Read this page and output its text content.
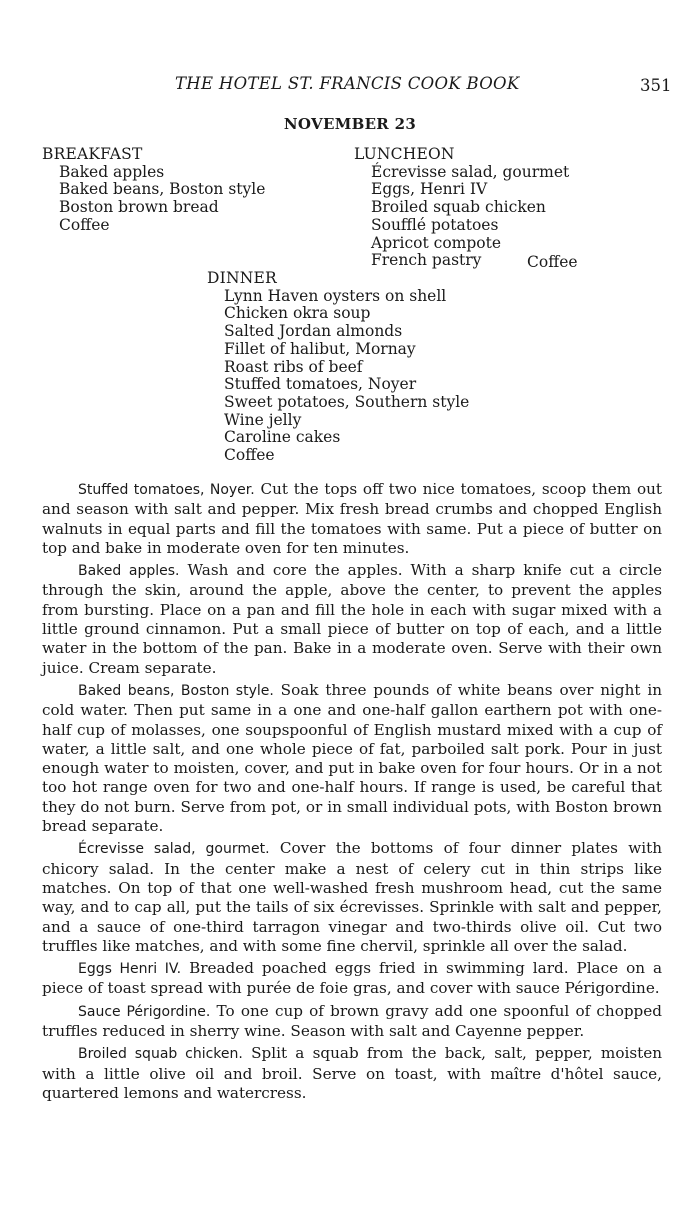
THE HOTEL ST. FRANCIS COOK BOOK	351
NOVEMBER 23
BREAKFAST
Baked apples
Baked beans, Boston style
Boston brown bread
Coffee
LUNCHEON
Écrevisse salad, gourmet
Eggs, Henri IV
Broiled squab chicken
Soufflé potatoes
Apricot compote
French pastry	Coffee
DINNER
Lynn Haven oysters on shell
Chicken okra soup
Salted Jordan almonds
Fillet of halibut, Mornay
Roast ribs of beef
Stuffed tomatoes, Noyer
Sweet potatoes, Southern style
Wine jelly
Caroline cakes
Coffee

Stuffed tomatoes, Noyer. Cut the tops off two nice tomatoes, scoop them out and season with salt and pepper. Mix fresh bread crumbs and chopped English walnuts in equal parts and fill the tomatoes with same. Put a piece of butter on top and bake in moderate oven for ten minutes.

Baked apples. Wash and core the apples. With a sharp knife cut a circle through the skin, around the apple, above the center, to prevent the apples from bursting. Place on a pan and fill the hole in each with sugar mixed with a little ground cinnamon. Put a small piece of butter on top of each, and a little water in the bottom of the pan. Bake in a moderate oven. Serve with their own juice. Cream separate.

Baked beans, Boston style. Soak three pounds of white beans over night in cold water. Then put same in a one and one-half gallon earthern pot with one-half cup of molasses, one soupspoonful of English mustard mixed with a cup of water, a little salt, and one whole piece of fat, parboiled salt pork. Pour in just enough water to moisten, cover, and put in bake oven for four hours. Or in a not too hot range oven for two and one-half hours. If range is used, be careful that they do not burn. Serve from pot, or in small individual pots, with Boston brown bread separate.

Écrevisse salad, gourmet. Cover the bottoms of four dinner plates with chicory salad. In the center make a nest of celery cut in thin strips like matches. On top of that one well-washed fresh mushroom head, cut the same way, and to cap all, put the tails of six écrevisses. Sprinkle with salt and pepper, and a sauce of one-third tarragon vinegar and two-thirds olive oil. Cut two truffles like matches, and with some fine chervil, sprinkle all over the salad.

Eggs Henri IV. Breaded poached eggs fried in swimming lard. Place on a piece of toast spread with purée de foie gras, and cover with sauce Périgordine.

Sauce Périgordine. To one cup of brown gravy add one spoonful of chopped truffles reduced in sherry wine. Season with salt and Cayenne pepper.

Broiled squab chicken. Split a squab from the back, salt, pepper, moisten with a little olive oil and broil. Serve on toast, with maître d'hôtel sauce, quartered lemons and watercress.
